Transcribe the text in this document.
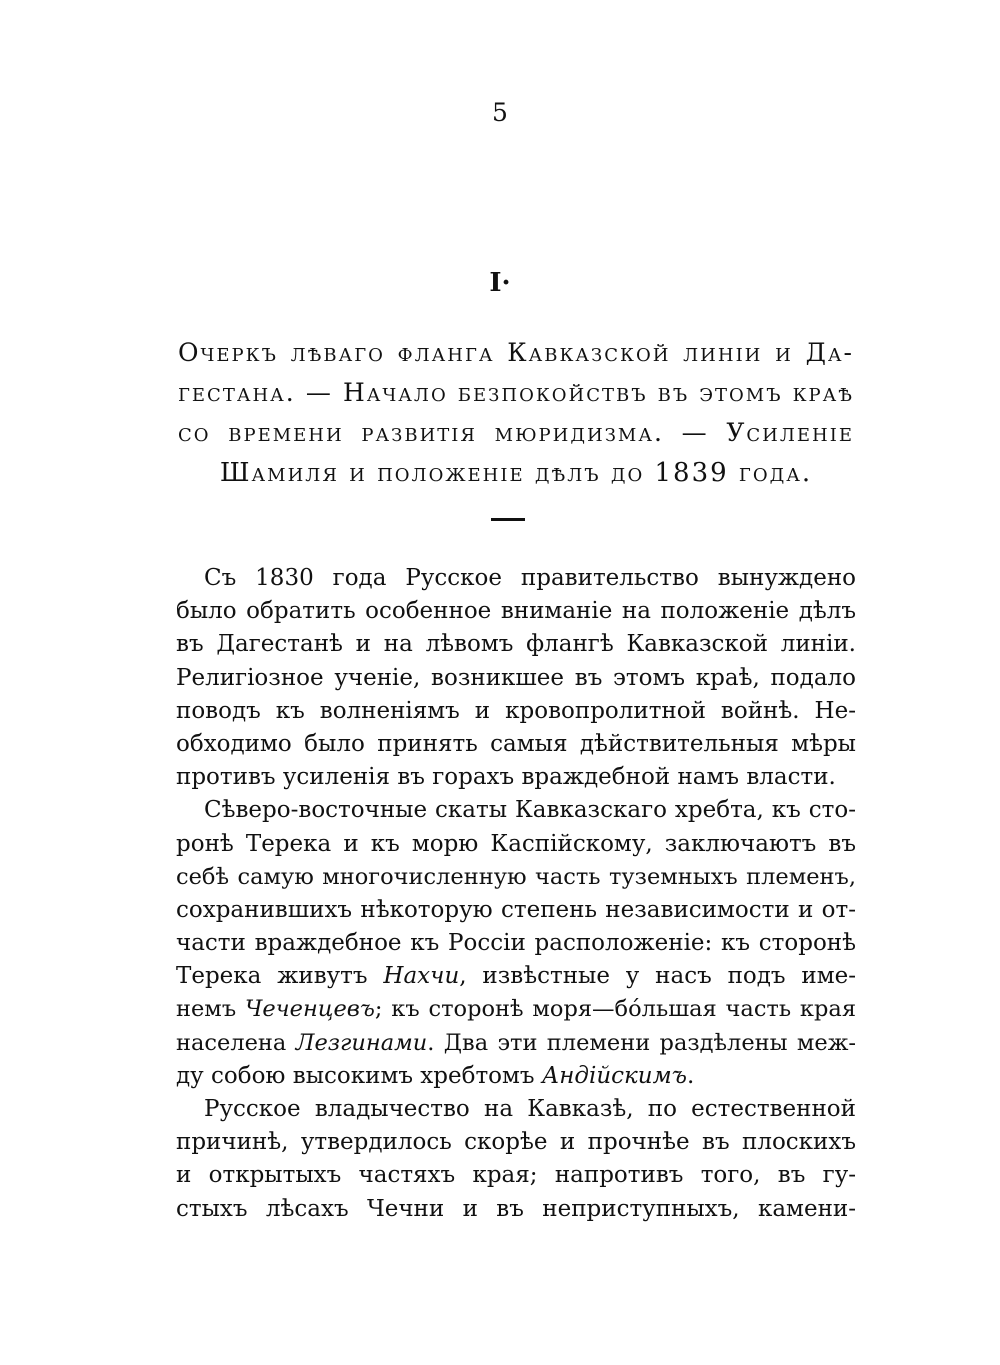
5
I·
Очеркъ лѣваго фланга Кавказской линіи и Да-
гестана. — Начало безпокойствъ въ этомъ краѣ
со времени развитія мюридизма. — Усиленіе
Шамиля и положеніе дѣлъ до 1839 года.
Съ 1830 года Русское правительство вынуждено
было обратить особенное вниманіе на положеніе дѣлъ
въ Дагестанѣ и на лѣвомъ флангѣ Кавказской линіи.
Религіозное ученіе, возникшее въ этомъ краѣ, подало
поводъ къ волненіямъ и кровопролитной войнѣ. Не-
обходимо было принять самыя дѣйствительныя мѣры
противъ усиленія въ горахъ враждебной намъ власти.
Сѣверо-восточные скаты Кавказскаго хребта, къ сто-
ронѣ Терека и къ морю Каспійскому, заключаютъ въ
себѣ самую многочисленную часть туземныхъ племенъ,
сохранившихъ нѣкоторую степень независимости и от-
части враждебное къ Россіи расположеніе: къ сторонѣ
Терека живутъ Нахчи, извѣстные у насъ подъ име-
немъ Чеченцевъ; къ сторонѣ моря—бóльшая часть края
населена Лезгинами. Два эти племени раздѣлены меж-
ду собою высокимъ хребтомъ Андійскимъ.
Русское владычество на Кавказѣ, по естественной
причинѣ, утвердилось скорѣе и прочнѣе въ плоскихъ
и открытыхъ частяхъ края; напротивъ того, въ гу-
стыхъ лѣсахъ Чечни и въ неприступныхъ, камени-
